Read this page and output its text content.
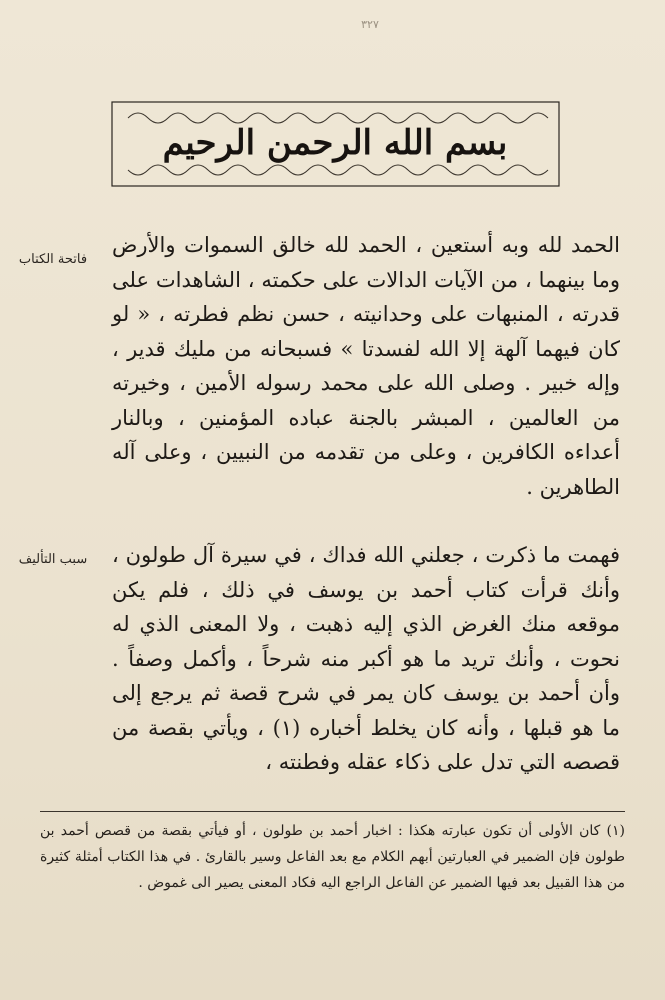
٣٢٧
بسم الله الرحمن الرحيم
فاتحة الكتاب
سبب التأليف

الحمد لله وبه أستعين ، الحمد لله خالق السموات والأرض وما بينهما ، من الآيات الدالات على حكمته ، الشاهدات على قدرته ، المنبهات على وحدانيته ، حسن نظم فطرته ، « لو كان فيهما آلهة إلا الله لفسدتا » فسبحانه من مليك قدير ، وإله خبير . وصلى الله على محمد رسوله الأمين ، وخيرته من العالمين ، المبشر بالجنة عباده المؤمنين ، وبالنار أعداءه الكافرين ، وعلى من تقدمه من النبيين ، وعلى آله الطاهرين .

فهمت ما ذكرت ، جعلني الله فداك ، في سيرة آل طولون ، وأنك قرأت كتاب أحمد بن يوسف في ذلك ، فلم يكن موقعه منك الغرض الذي إليه ذهبت ، ولا المعنى الذي له نحوت ، وأنك تريد ما هو أكبر منه شرحاً ، وأكمل وصفاً . وأن أحمد بن يوسف كان يمر في شرح قصة ثم يرجع إلى ما هو قبلها ، وأنه كان يخلط أخباره (١) ، ويأتي بقصة من قصصه التي تدل على ذكاء عقله وفطنته ،

(١) كان الأولى أن تكون عبارته هكذا : اخبار أحمد بن طولون ، أو فيأتي بقصة من قصص أحمد بن طولون فإن الضمير في العبارتين أبهم الكلام مع بعد الفاعل وسير بالقارئ . في هذا الكتاب أمثلة كثيرة من هذا القبيل بعد فيها الضمير عن الفاعل الراجع اليه فكاد المعنى يصير الى غموض .
